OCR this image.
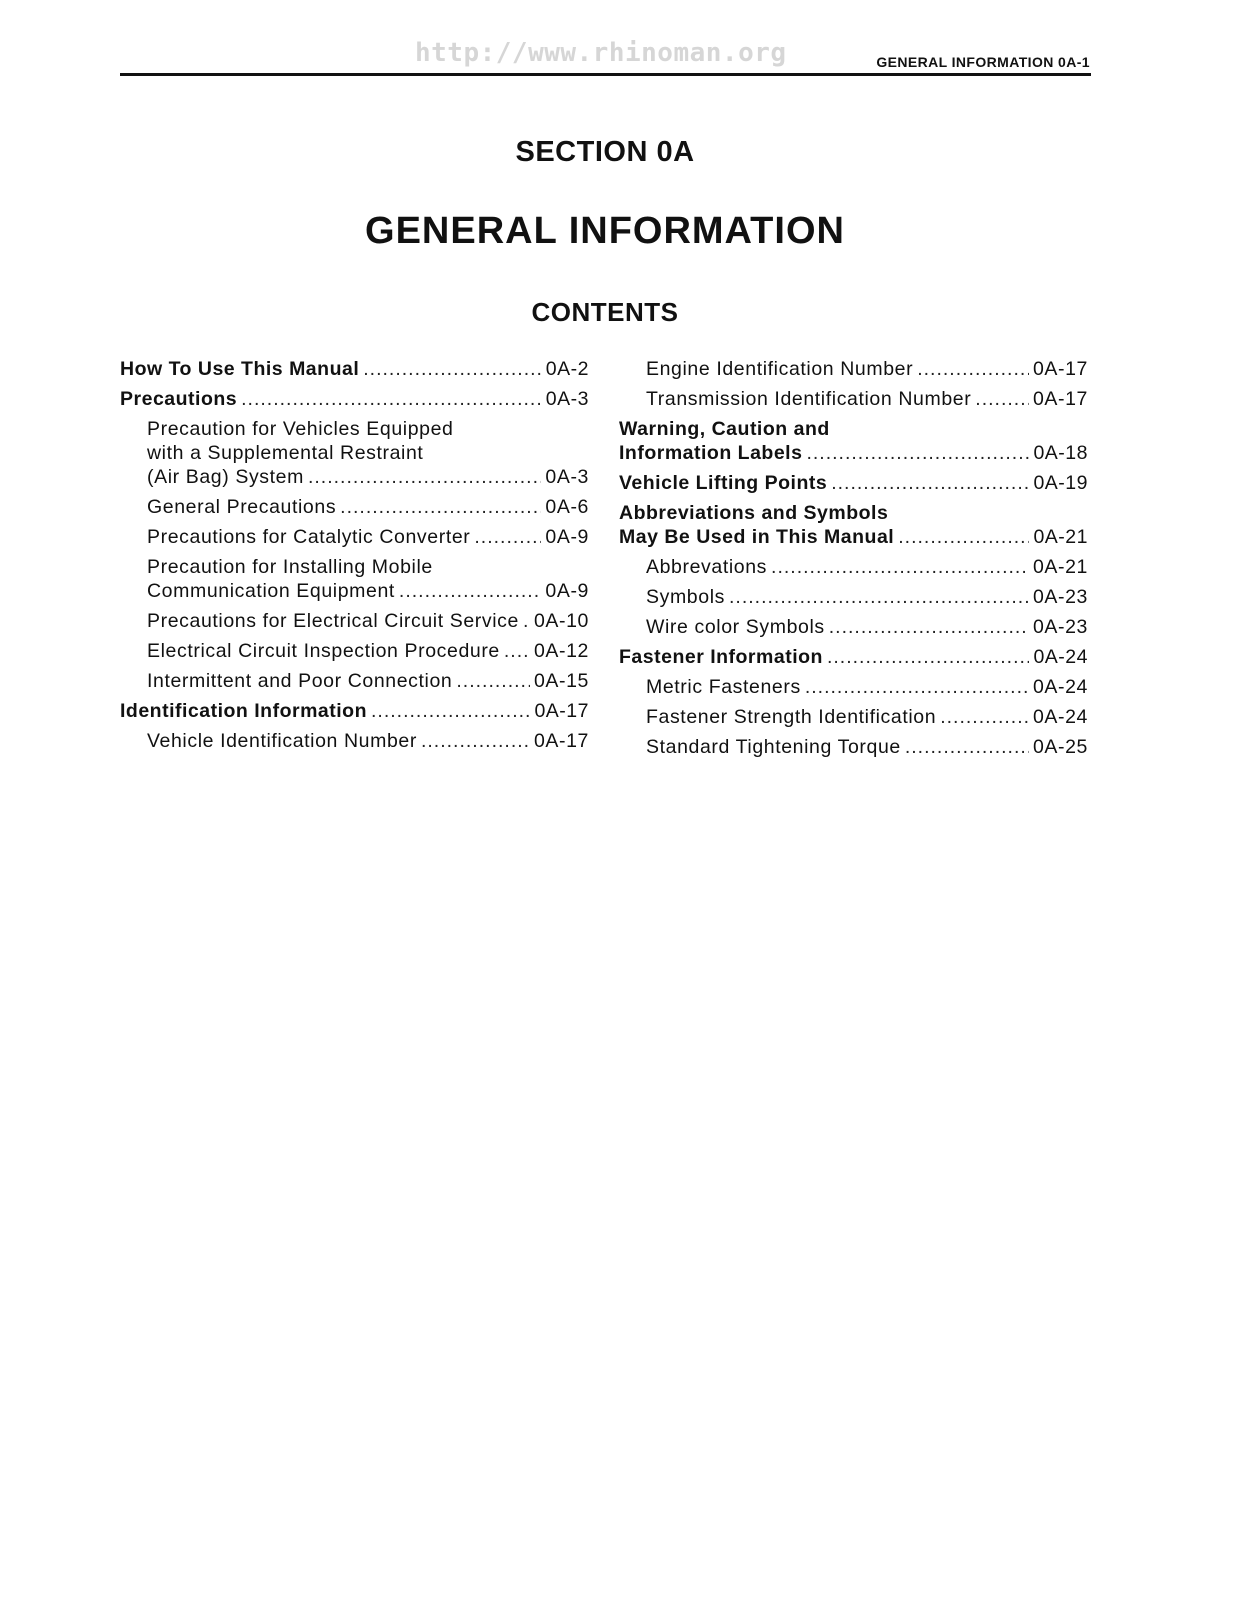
http://www.rhinoman.org	GENERAL INFORMATION 0A-1
SECTION 0A
GENERAL INFORMATION
CONTENTS
How To Use This Manual .....	0A-2
Precautions .....	0A-3
Precaution for Vehicles Equipped
with a Supplemental Restraint
(Air Bag) System .....	0A-3
General Precautions .....	0A-6
Precautions for Catalytic Converter .....	0A-9
Precaution for Installing Mobile
Communication Equipment .....	0A-9
Precautions for Electrical Circuit Service ..... 0A-10
Electrical Circuit Inspection Procedure ..... 0A-12
Intermittent and Poor Connection .....	0A-15
Identification Information .....	0A-17
Vehicle Identification Number .....	0A-17
Engine Identification Number .....	0A-17
Transmission Identification Number .....	0A-17
Warning, Caution and
Information Labels .....	0A-18
Vehicle Lifting Points .....	0A-19
Abbreviations and Symbols
May Be Used in This Manual .....	0A-21
Abbrevations .....	0A-21
Symbols .....	0A-23
Wire color Symbols .....	0A-23
Fastener Information .....	0A-24
Metric Fasteners .....	0A-24
Fastener Strength Identification .....	0A-24
Standard Tightening Torque .....	0A-25
